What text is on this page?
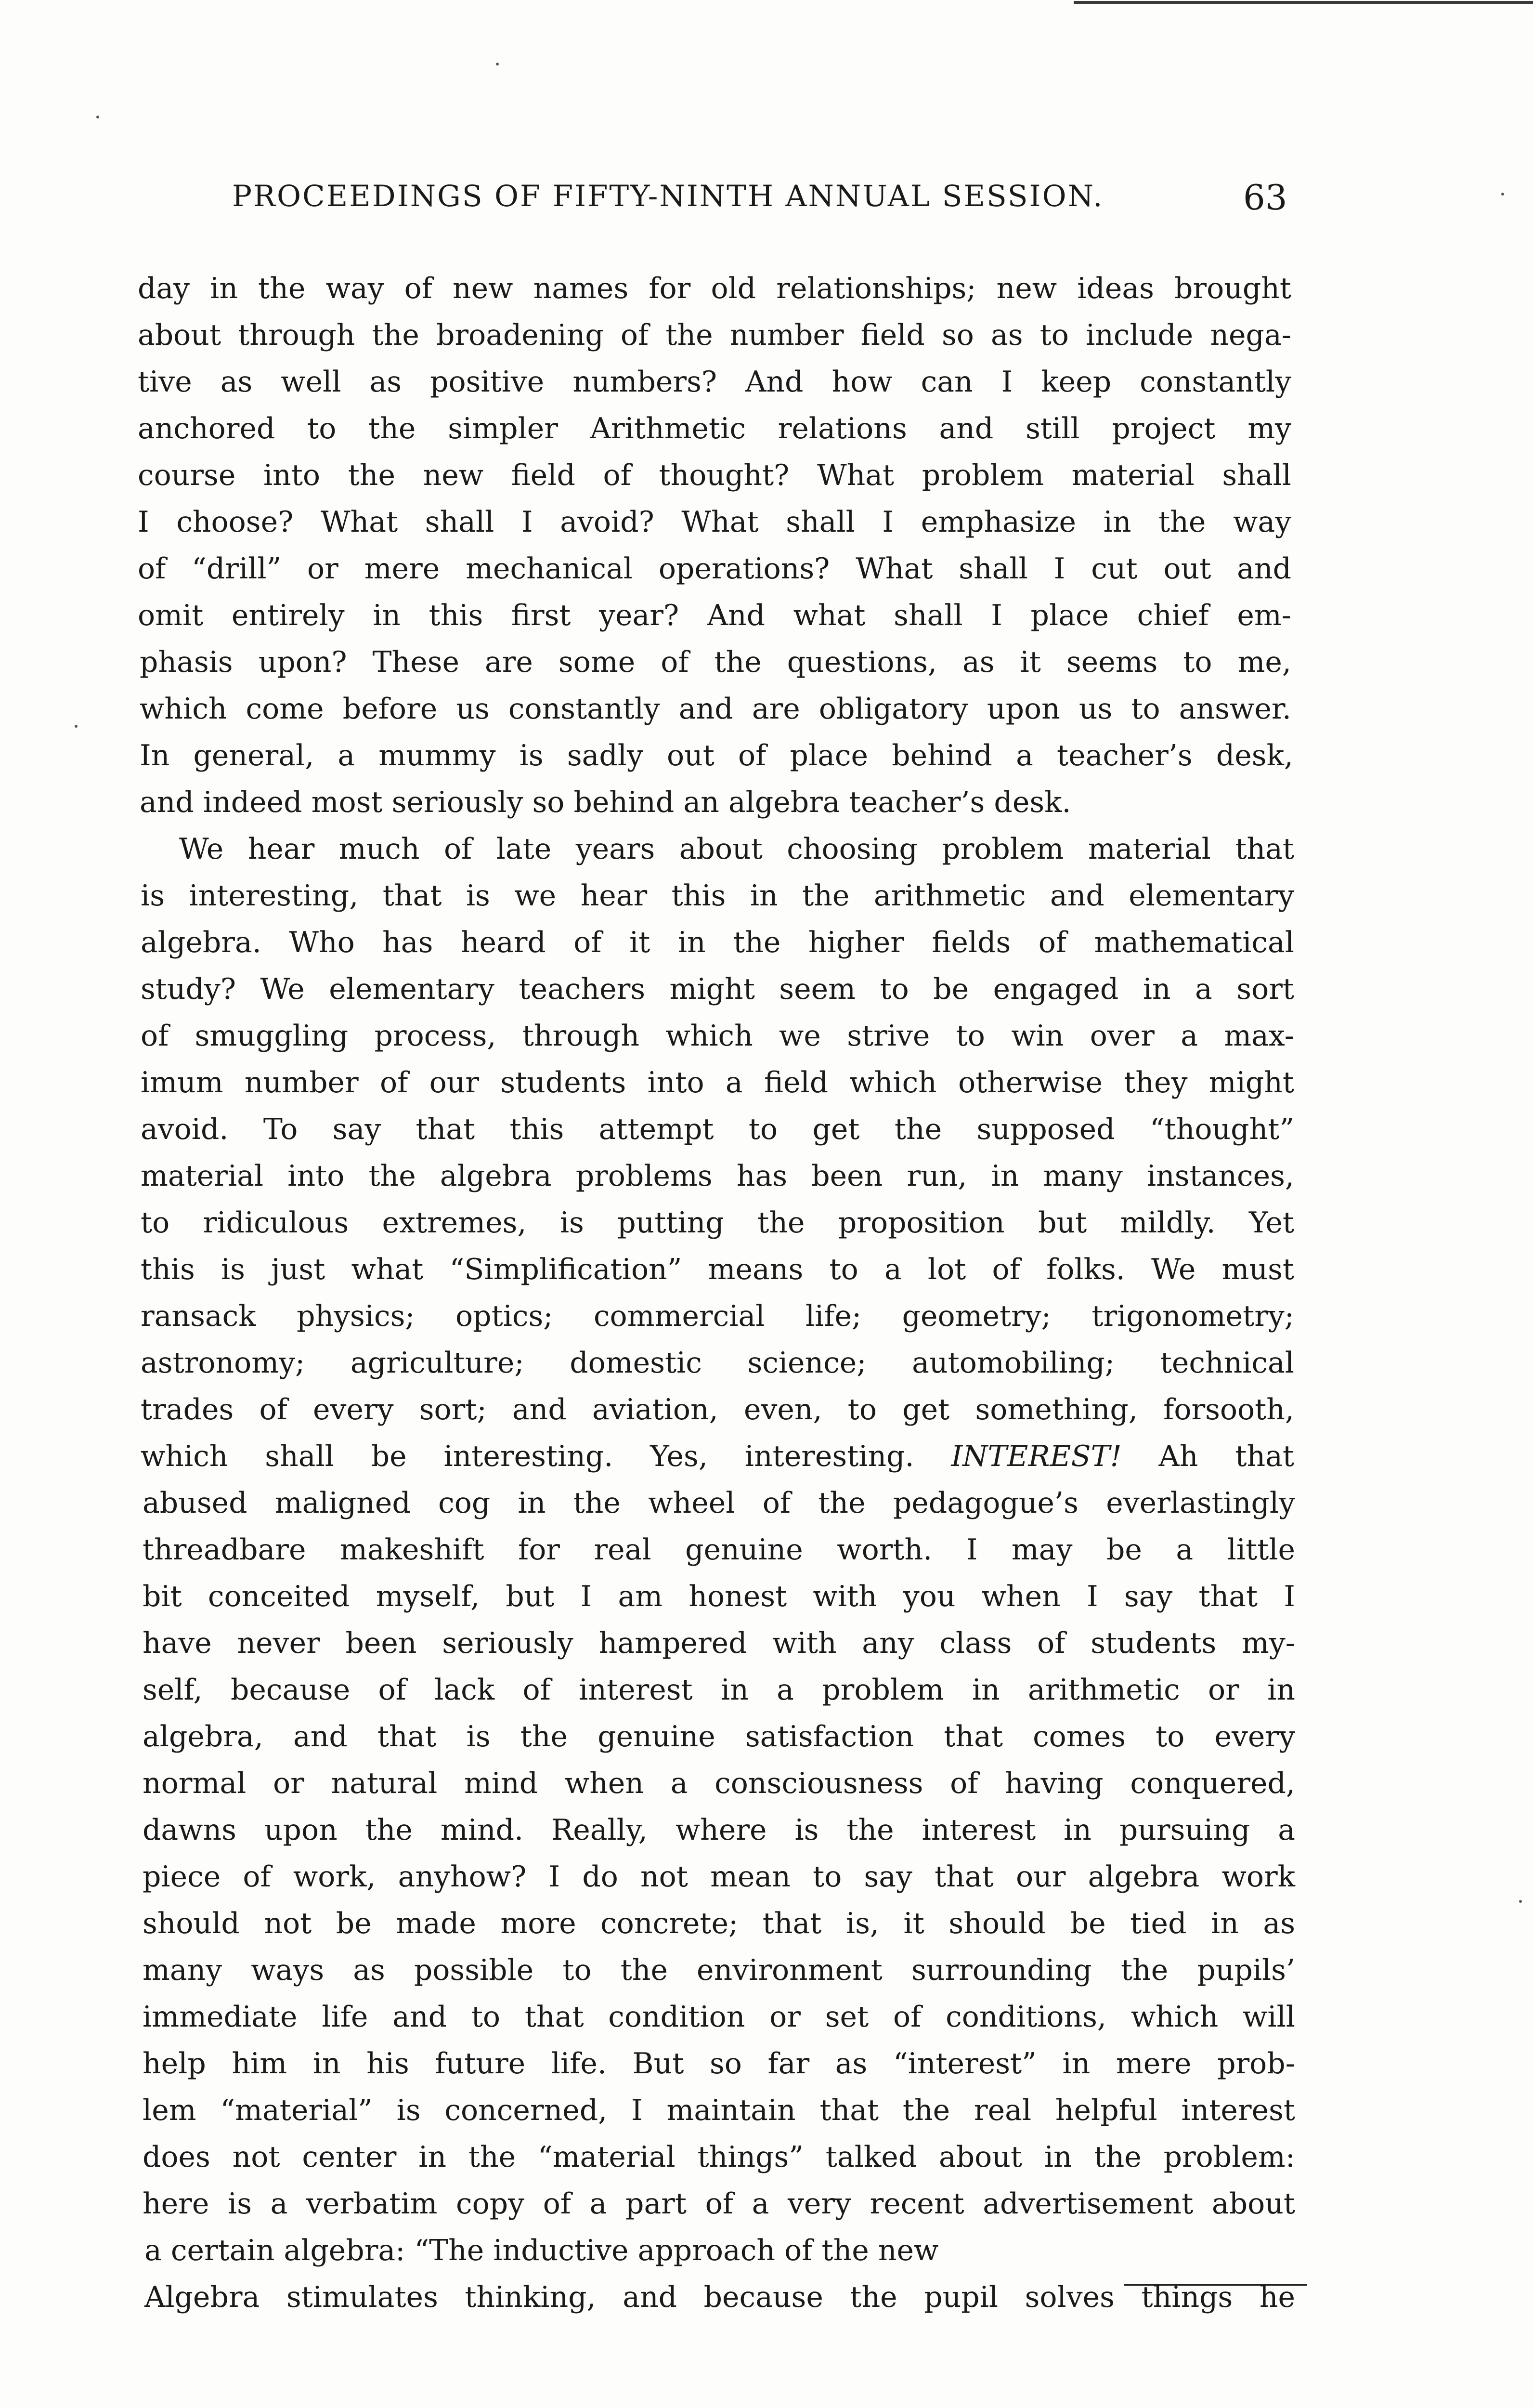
PROCEEDINGS OF FIFTY-NINTH ANNUAL SESSION.	63
day in the way of new names for old relationships; new ideas brought
about through the broadening of the number field so as to include nega-
tive as well as positive numbers? And how can I keep constantly
anchored to the simpler Arithmetic relations and still project my
course into the new field of thought? What problem material shall
I choose? What shall I avoid? What shall I emphasize in the way
of “drill” or mere mechanical operations? What shall I cut out and
omit entirely in this first year? And what shall I place chief em-
phasis upon? These are some of the questions, as it seems to me,
which come before us constantly and are obligatory upon us to answer.
In general, a mummy is sadly out of place behind a teacher’s desk,
and indeed most seriously so behind an algebra teacher’s desk.
We hear much of late years about choosing problem material that
is interesting, that is we hear this in the arithmetic and elementary
algebra. Who has heard of it in the higher fields of mathematical
study? We elementary teachers might seem to be engaged in a sort
of smuggling process, through which we strive to win over a max-
imum number of our students into a field which otherwise they might
avoid. To say that this attempt to get the supposed “thought”
material into the algebra problems has been run, in many instances,
to ridiculous extremes, is putting the proposition but mildly. Yet
this is just what “Simplification” means to a lot of folks. We must
ransack physics; optics; commercial life; geometry; trigonometry;
astronomy; agriculture; domestic science; automobiling; technical
trades of every sort; and aviation, even, to get something, forsooth,
which shall be interesting. Yes, interesting. INTEREST! Ah that
abused maligned cog in the wheel of the pedagogue’s everlastingly
threadbare makeshift for real genuine worth. I may be a little
bit conceited myself, but I am honest with you when I say that I
have never been seriously hampered with any class of students my-
self, because of lack of interest in a problem in arithmetic or in
algebra, and that is the genuine satisfaction that comes to every
normal or natural mind when a consciousness of having conquered,
dawns upon the mind. Really, where is the interest in pursuing a
piece of work, anyhow? I do not mean to say that our algebra work
should not be made more concrete; that is, it should be tied in as
many ways as possible to the environment surrounding the pupils’
immediate life and to that condition or set of conditions, which will
help him in his future life. But so far as “interest” in mere prob-
lem “material” is concerned, I maintain that the real helpful interest
does not center in the “material things” talked about in the problem:
here is a verbatim copy of a part of a very recent advertisement about
a certain algebra: “The inductive approach of the new
Algebra stimulates thinking, and because the pupil solves things he
